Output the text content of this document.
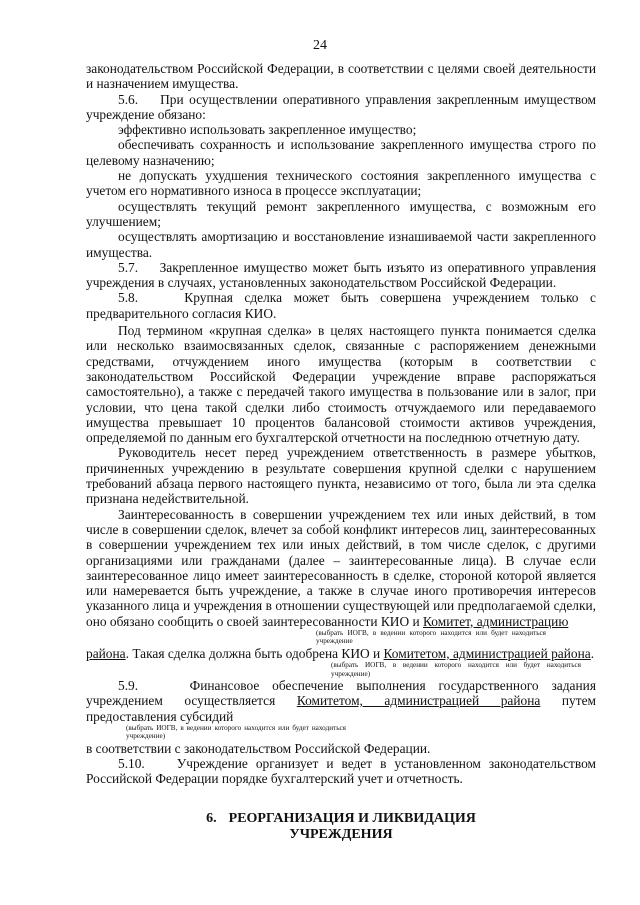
24

законодательством Российской Федерации, в соответствии с целями своей деятельности и назначением имущества.

5.6. При осуществлении оперативного управления закрепленным имуществом учреждение обязано:

эффективно использовать закрепленное имущество;

обеспечивать сохранность и использование закрепленного имущества строго по целевому назначению;

не допускать ухудшения технического состояния закрепленного имущества с учетом его нормативного износа в процессе эксплуатации;

осуществлять текущий ремонт закрепленного имущества, с возможным его улучшением;

осуществлять амортизацию и восстановление изнашиваемой части закрепленного имущества.

5.7. Закрепленное имущество может быть изъято из оперативного управления учреждения в случаях, установленных законодательством Российской Федерации.

5.8.	Крупная сделка может быть совершена учреждением только с предварительного согласия КИО.

Под термином «крупная сделка» в целях настоящего пункта понимается сделка или несколько взаимосвязанных сделок, связанные с распоряжением денежными средствами, отчуждением иного имущества (которым в соответствии с законодательством Российской Федерации учреждение вправе распоряжаться самостоятельно), а также с передачей такого имущества в пользование или в залог, при условии, что цена такой сделки либо стоимость отчуждаемого или передаваемого имущества превышает 10 процентов балансовой стоимости активов учреждения, определяемой по данным его бухгалтерской отчетности на последнюю отчетную дату.

Руководитель несет перед учреждением ответственность в размере убытков, причиненных учреждению в результате совершения крупной сделки с нарушением требований абзаца первого настоящего пункта, независимо от того, была ли эта сделка признана недействительной.

Заинтересованность в совершении учреждением тех или иных действий, в том числе в совершении сделок, влечет за собой конфликт интересов лиц, заинтересованных в совершении учреждением тех или иных действий, в том числе сделок, с другими организациями или гражданами (далее – заинтересованные лица). В случае если заинтересованное лицо имеет заинтересованность в сделке, стороной которой является или намеревается быть учреждение, а также в случае иного противоречия интересов указанного лица и учреждения в отношении существующей или предполагаемой сделки, оно обязано сообщить о своей заинтересованности КИО и Комитет, администрацию

(выбрать ИОГВ, в ведении которого находится или будет находиться учреждение

района. Такая сделка должна быть одобрена КИО и Комитетом, администрацией района.

(выбрать ИОГВ, в ведении которого находится или будет находиться учреждение)

5.9.	Финансовое обеспечение выполнения государственного задания учреждением осуществляется Комитетом, администрацией района путем предоставления субсидий

(выбрать ИОГВ, в ведении которого находится или будет находиться учреждение)

в соответствии с законодательством Российской Федерации.

5.10. Учреждение организует и ведет в установленном законодательством Российской Федерации порядке бухгалтерский учет и отчетность.

6. РЕОРГАНИЗАЦИЯ И ЛИКВИДАЦИЯ
УЧРЕЖДЕНИЯ
